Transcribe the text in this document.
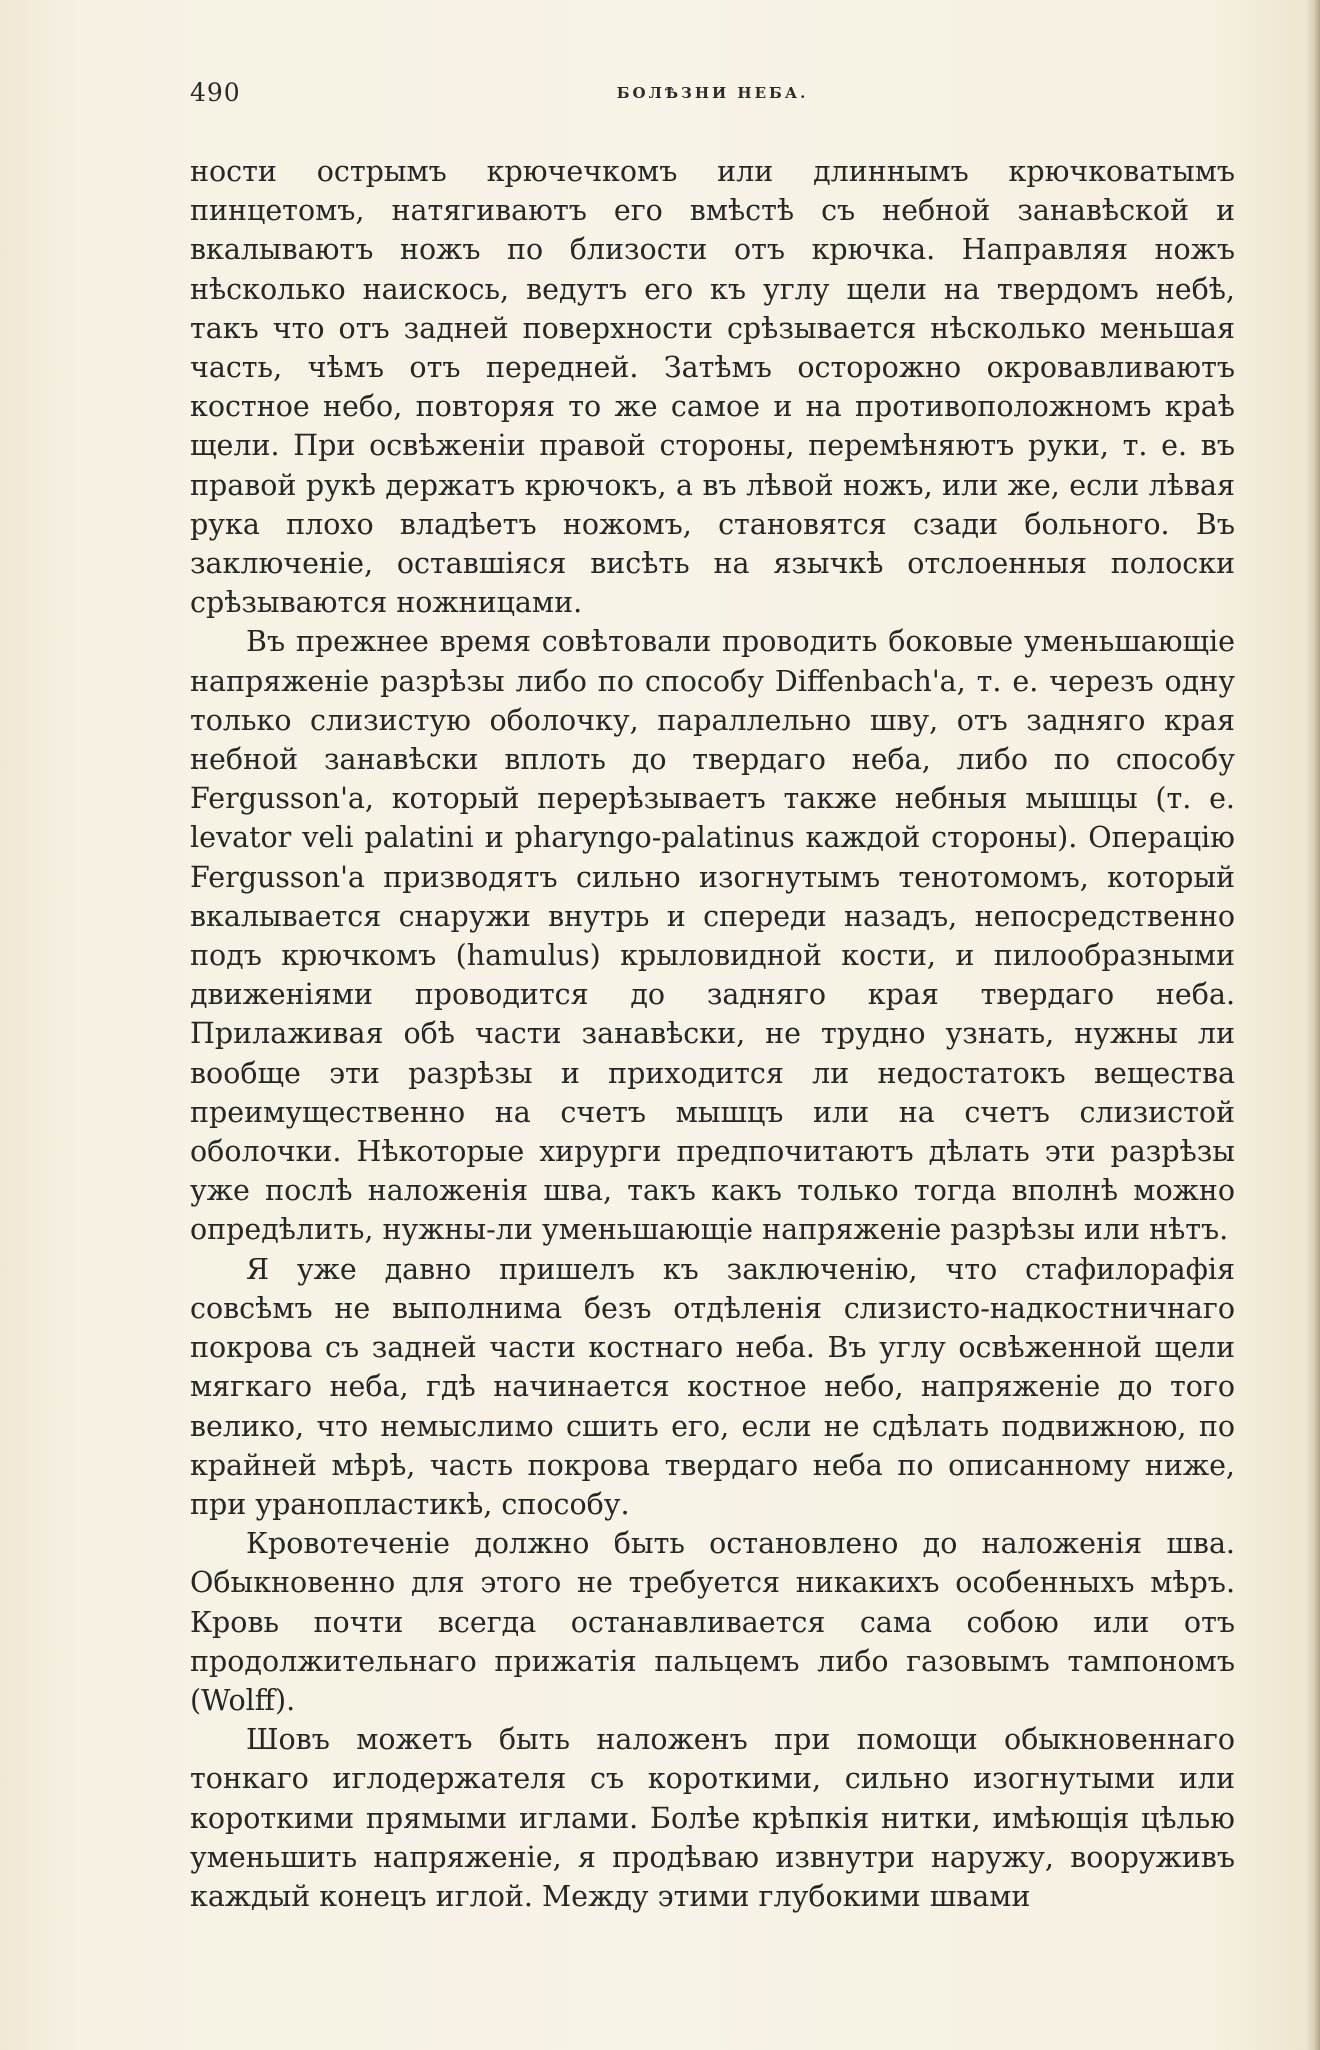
490	БОЛѢЗНИ НЕБА.

ности острымъ крючечкомъ или длиннымъ крючковатымъ пинцетомъ, натягиваютъ его вмѣстѣ съ небной занавѣской и вкалываютъ ножъ по близости отъ крючка. Направляя ножъ нѣсколько наискось, ведутъ его къ углу щели на твердомъ небѣ, такъ что отъ задней поверхности срѣзывается нѣсколько меньшая часть, чѣмъ отъ передней. Затѣмъ осторожно окровавливаютъ костное небо, повторяя то же самое и на противоположномъ краѣ щели. При освѣженiи правой стороны, перемѣняютъ руки, т. е. въ правой рукѣ держатъ крючокъ, а въ лѣвой ножъ, или же, если лѣвая рука плохо владѣетъ ножомъ, становятся сзади больного. Въ заключенiе, оставшiяся висѣть на язычкѣ отслоенныя полоски срѣзываются ножницами.

Въ прежнее время совѣтовали проводить боковые уменьшающiе напряженiе разрѣзы либо по способу Diffenbach'а, т. е. черезъ одну только слизистую оболочку, параллельно шву, отъ задняго края небной занавѣски вплоть до твердаго неба, либо по способу Fergusson'а, который перерѣзываетъ также небныя мышцы (т. е. levator veli palatini и pharyngo-palatinus каждой стороны). Операцiю Fergusson'а призводятъ сильно изогнутымъ тенотомомъ, который вкалывается снаружи внутрь и спереди назадъ, непосредственно подъ крючкомъ (hamulus) крыловидной кости, и пилообразными движенiями проводится до задняго края твердаго неба. Прилаживая обѣ части занавѣски, не трудно узнать, нужны ли вообще эти разрѣзы и приходится ли недостатокъ вещества преимущественно на счетъ мышцъ или на счетъ слизистой оболочки. Нѣкоторые хирурги предпочитаютъ дѣлать эти разрѣзы уже послѣ наложенiя шва, такъ какъ только тогда вполнѣ можно опредѣлить, нужны-ли уменьшающiе напряженiе разрѣзы или нѣтъ.

Я уже давно пришелъ къ заключенiю, что стафилорафiя совсѣмъ не выполнима безъ отдѣленiя слизисто-надкостничнаго покрова съ задней части костнаго неба. Въ углу освѣженной щели мягкаго неба, гдѣ начинается костное небо, напряженiе до того велико, что немыслимо сшить его, если не сдѣлать подвижною, по крайней мѣрѣ, часть покрова твердаго неба по описанному ниже, при уранопластикѣ, способу.

Кровотеченiе должно быть остановлено до наложенiя шва. Обыкновенно для этого не требуется никакихъ особенныхъ мѣръ. Кровь почти всегда останавливается сама собою или отъ продолжительнаго прижатiя пальцемъ либо газовымъ тампономъ (Wolff).

Шовъ можетъ быть наложенъ при помощи обыкновеннаго тонкаго иглодержателя съ короткими, сильно изогнутыми или короткими прямыми иглами. Болѣе крѣпкiя нитки, имѣющiя цѣлью уменьшить напряженiе, я продѣваю извнутри наружу, вооруживъ каждый конецъ иглой. Между этими глубокими швами
